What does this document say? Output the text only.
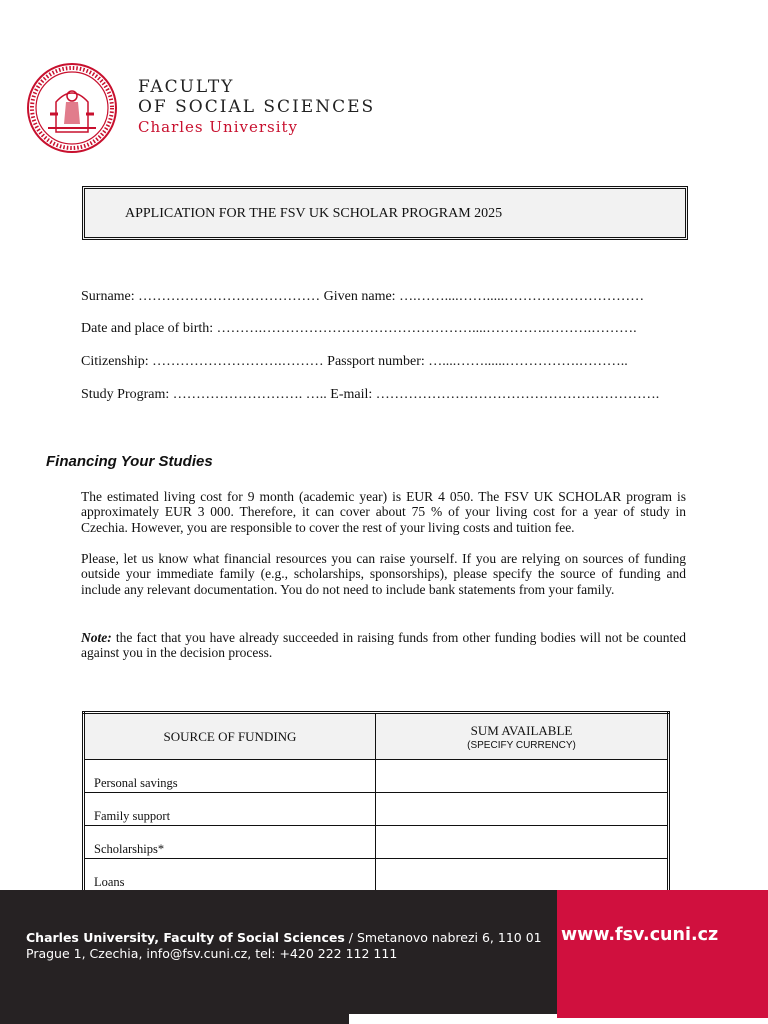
FACULTY
OF SOCIAL SCIENCES
Charles University
APPLICATION FOR THE FSV UK SCHOLAR PROGRAM 2025
Surname: ………………………………… Given name: ….……....…….....…………………………
Date and place of birth: ……….………………………………………....………….……….……….
Citizenship: ……………………….……… Passport number: …....……......…………….………..
Study Program: ………………………. ….. E-mail: …………………………………………………….
Financing Your Studies

The estimated living cost for 9 month (academic year) is EUR 4 050. The FSV UK SCHOLAR program is approximately EUR 3 000. Therefore, it can cover about 75 % of your living cost for a year of study in Czechia. However, you are responsible to cover the rest of your living costs and tuition fee.

Please, let us know what financial resources you can raise yourself. If you are relying on sources of funding outside your immediate family (e.g., scholarships, sponsorships), please specify the source of funding and include any relevant documentation. You do not need to include bank statements from your family.

Note: the fact that you have already succeeded in raising funds from other funding bodies will not be counted against you in the decision process.

SOURCE OF FUNDING	SUM AVAILABLE
(SPECIFY CURRENCY)

Personal savings	
Family support	
Scholarships*	
Loans	
Charles University, Faculty of Social Sciences / Smetanovo nabrezi 6, 110 01 Prague 1, Czechia, info@fsv.cuni.cz, tel: +420 222 112 111
www.fsv.cuni.cz
